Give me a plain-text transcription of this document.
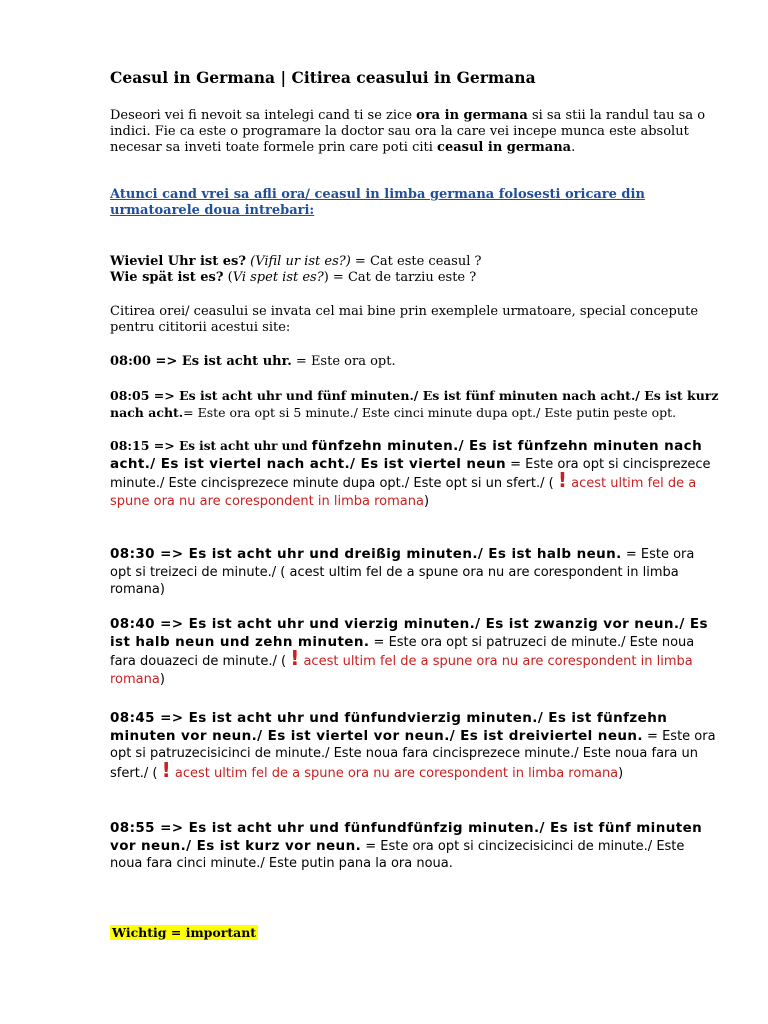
Ceasul in Germana | Citirea ceasului in Germana
Deseori vei fi nevoit sa intelegi cand ti se zice ora in germana si sa stii la randul tau sa o indici. Fie ca este o programare la doctor sau ora la care vei incepe munca este absolut necesar sa inveti toate formele prin care poti citi ceasul in germana.
Atunci cand vrei sa afli ora/ ceasul in limba germana folosesti oricare din urmatoarele doua intrebari:
Wieviel Uhr ist es? (Vifil ur ist es?) = Cat este ceasul ?
Wie spät ist es? (Vi spet ist es?) = Cat de tarziu este ?
Citirea orei/ ceasului se invata cel mai bine prin exemplele urmatoare, special concepute pentru cititorii acestui site:
08:00 => Es ist acht uhr. = Este ora opt.
08:05 => Es ist acht uhr und fünf minuten./ Es ist fünf minuten nach acht./ Es ist kurz nach acht.= Este ora opt si 5 minute./ Este cinci minute dupa opt./ Este putin peste opt.
08:15 => Es ist acht uhr und fünfzehn minuten./ Es ist fünfzehn minuten nach acht./ Es ist viertel nach acht./ Es ist viertel neun = Este ora opt si cincisprezece minute./ Este cincisprezece minute dupa opt./ Este opt si un sfert./ ( ! acest ultim fel de a spune ora nu are corespondent in limba romana)
08:30 => Es ist acht uhr und dreißig minuten./ Es ist halb neun. = Este ora opt si treizeci de minute./ ( acest ultim fel de a spune ora nu are corespondent in limba romana)
08:40 => Es ist acht uhr und vierzig minuten./ Es ist zwanzig vor neun./ Es ist halb neun und zehn minuten. = Este ora opt si patruzeci de minute./ Este noua fara douazeci de minute./ ( ! acest ultim fel de a spune ora nu are corespondent in limba romana)
08:45 => Es ist acht uhr und fünfundvierzig minuten./ Es ist fünfzehn minuten vor neun./ Es ist viertel vor neun./ Es ist dreiviertel neun. = Este ora opt si patruzecisicinci de minute./ Este noua fara cincisprezece minute./ Este noua fara un sfert./ ( ! acest ultim fel de a spune ora nu are corespondent in limba romana)
08:55 => Es ist acht uhr und fünfundfünfzig minuten./ Es ist fünf minuten vor neun./ Es ist kurz vor neun. = Este ora opt si cincizecisicinci de minute./ Este noua fara cinci minute./ Este putin pana la ora noua.
Wichtig = important
